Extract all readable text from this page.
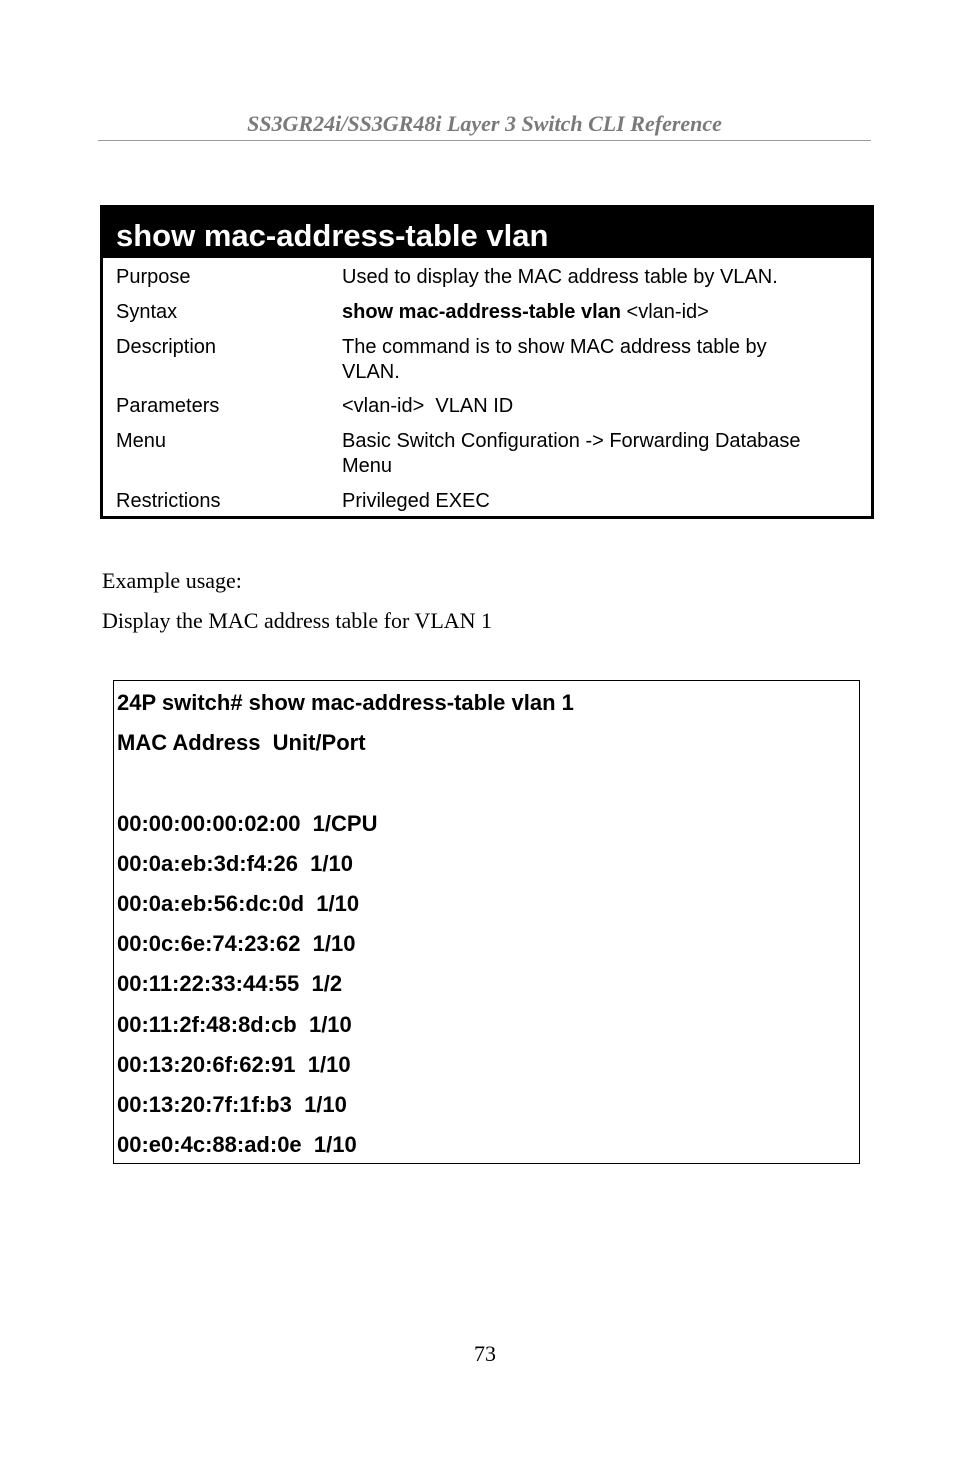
SS3GR24i/SS3GR48i Layer 3 Switch CLI Reference
show mac-address-table vlan
Purpose	Used to display the MAC address table by VLAN.
Syntax	show mac-address-table vlan <vlan-id>
Description	The command is to show MAC address table by VLAN.
Parameters	<vlan-id>  VLAN ID
Menu	Basic Switch Configuration -> Forwarding Database Menu
Restrictions	Privileged EXEC
Example usage:
Display the MAC address table for VLAN 1
24P switch# show mac-address-table vlan 1
MAC Address  Unit/Port
00:00:00:00:02:00  1/CPU
00:0a:eb:3d:f4:26  1/10
00:0a:eb:56:dc:0d  1/10
00:0c:6e:74:23:62  1/10
00:11:22:33:44:55  1/2
00:11:2f:48:8d:cb  1/10
00:13:20:6f:62:91  1/10
00:13:20:7f:1f:b3  1/10
00:e0:4c:88:ad:0e  1/10
73
